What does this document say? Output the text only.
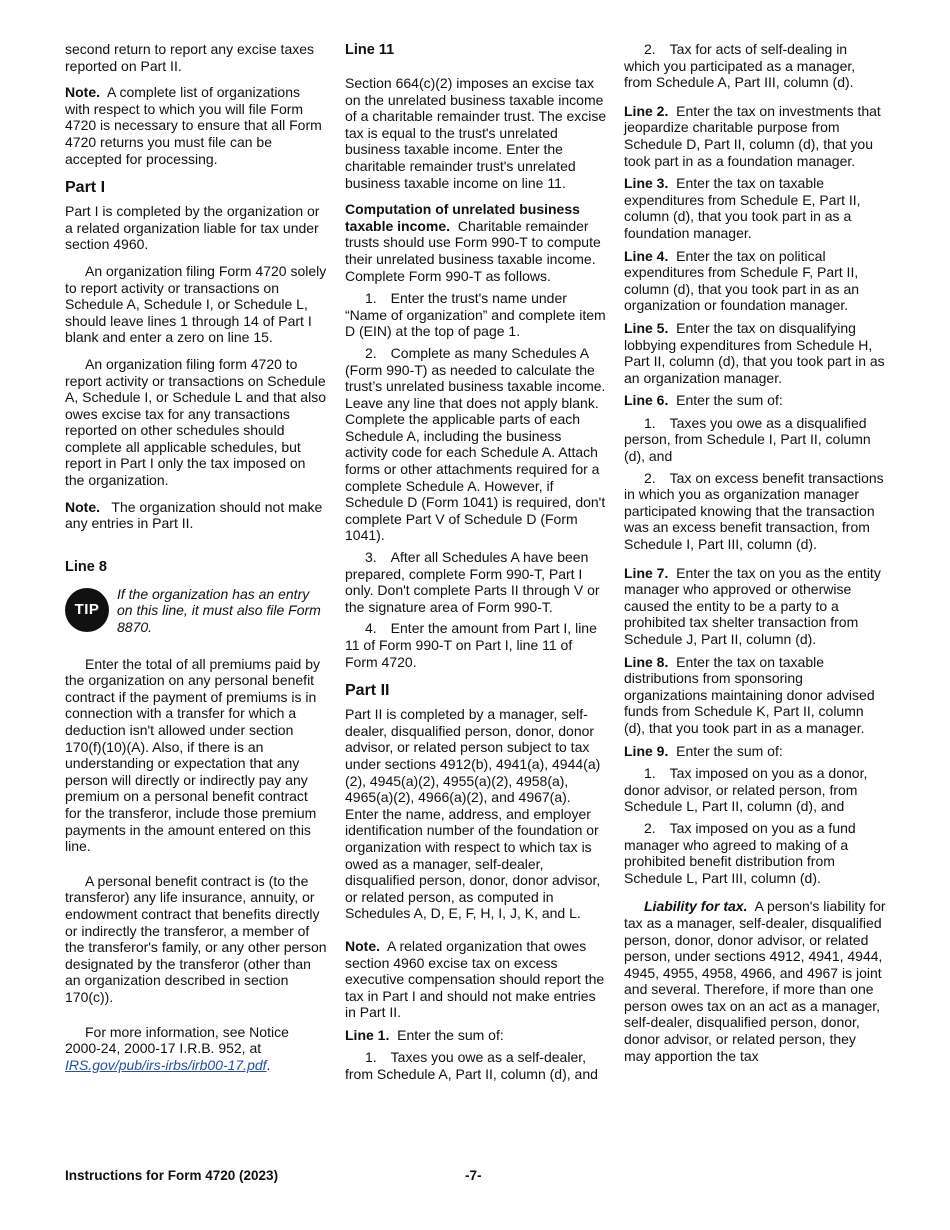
second return to report any excise taxes reported on Part II.

Note. A complete list of organizations with respect to which you will file Form 4720 is necessary to ensure that all Form 4720 returns you must file can be accepted for processing.

Part I

Part I is completed by the organization or a related organization liable for tax under section 4960.

An organization filing Form 4720 solely to report activity or transactions on Schedule A, Schedule I, or Schedule L, should leave lines 1 through 14 of Part I blank and enter a zero on line 15.

An organization filing form 4720 to report activity or transactions on Schedule A, Schedule I, or Schedule L and that also owes excise tax for any transactions reported on other schedules should complete all applicable schedules, but report in Part I only the tax imposed on the organization.

Note. The organization should not make any entries in Part II.

Line 8
TIP
If the organization has an entry on this line, it must also file Form 8870.

Enter the total of all premiums paid by the organization on any personal benefit contract if the payment of premiums is in connection with a transfer for which a deduction isn't allowed under section 170(f)(10)(A). Also, if there is an understanding or expectation that any person will directly or indirectly pay any premium on a personal benefit contract for the transferor, include those premium payments in the amount entered on this line.

A personal benefit contract is (to the transferor) any life insurance, annuity, or endowment contract that benefits directly or indirectly the transferor, a member of the transferor's family, or any other person designated by the transferor (other than an organization described in section 170(c)).

For more information, see Notice 2000-24, 2000-17 I.R.B. 952, at IRS.gov/pub/irs-irbs/irb00-17.pdf.

Line 11

Section 664(c)(2) imposes an excise tax on the unrelated business taxable income of a charitable remainder trust. The excise tax is equal to the trust's unrelated business taxable income. Enter the charitable remainder trust's unrelated business taxable income on line 11.

Computation of unrelated business taxable income. Charitable remainder trusts should use Form 990-T to compute their unrelated business taxable income. Complete Form 990-T as follows.

1. Enter the trust's name under “Name of organization” and complete item D (EIN) at the top of page 1.

2. Complete as many Schedules A (Form 990-T) as needed to calculate the trust’s unrelated business taxable income. Leave any line that does not apply blank. Complete the applicable parts of each Schedule A, including the business activity code for each Schedule A. Attach forms or other attachments required for a complete Schedule A. However, if Schedule D (Form 1041) is required, don't complete Part V of Schedule D (Form 1041).

3. After all Schedules A have been prepared, complete Form 990-T, Part I only. Don't complete Parts II through V or the signature area of Form 990-T.

4. Enter the amount from Part I, line 11 of Form 990-T on Part I, line 11 of Form 4720.

Part II

Part II is completed by a manager, self-dealer, disqualified person, donor, donor advisor, or related person subject to tax under sections 4912(b), 4941(a), 4944(a)(2), 4945(a)(2), 4955(a)(2), 4958(a), 4965(a)(2), 4966(a)(2), and 4967(a). Enter the name, address, and employer identification number of the foundation or organization with respect to which tax is owed as a manager, self-dealer, disqualified person, donor, donor advisor, or related person, as computed in Schedules A, D, E, F, H, I, J, K, and L.

Note. A related organization that owes section 4960 excise tax on excess executive compensation should report the tax in Part I and should not make entries in Part II.

Line 1. Enter the sum of:

1. Taxes you owe as a self-dealer, from Schedule A, Part II, column (d), and

2. Tax for acts of self-dealing in which you participated as a manager, from Schedule A, Part III, column (d).

Line 2. Enter the tax on investments that jeopardize charitable purpose from Schedule D, Part II, column (d), that you took part in as a foundation manager.

Line 3. Enter the tax on taxable expenditures from Schedule E, Part II, column (d), that you took part in as a foundation manager.

Line 4. Enter the tax on political expenditures from Schedule F, Part II, column (d), that you took part in as an organization or foundation manager.

Line 5. Enter the tax on disqualifying lobbying expenditures from Schedule H, Part II, column (d), that you took part in as an organization manager.

Line 6. Enter the sum of:

1. Taxes you owe as a disqualified person, from Schedule I, Part II, column (d), and

2. Tax on excess benefit transactions in which you as organization manager participated knowing that the transaction was an excess benefit transaction, from Schedule I, Part III, column (d).

Line 7. Enter the tax on you as the entity manager who approved or otherwise caused the entity to be a party to a prohibited tax shelter transaction from Schedule J, Part II, column (d).

Line 8. Enter the tax on taxable distributions from sponsoring organizations maintaining donor advised funds from Schedule K, Part II, column (d), that you took part in as a manager.

Line 9. Enter the sum of:

1. Tax imposed on you as a donor, donor advisor, or related person, from Schedule L, Part II, column (d), and

2. Tax imposed on you as a fund manager who agreed to making of a prohibited benefit distribution from Schedule L, Part III, column (d).

Liability for tax. A person's liability for tax as a manager, self-dealer, disqualified person, donor, donor advisor, or related person, under sections 4912, 4941, 4944, 4945, 4955, 4958, 4966, and 4967 is joint and several. Therefore, if more than one person owes tax on an act as a manager, self-dealer, disqualified person, donor, donor advisor, or related person, they may apportion the tax

Instructions for Form 4720 (2023)	-7-
